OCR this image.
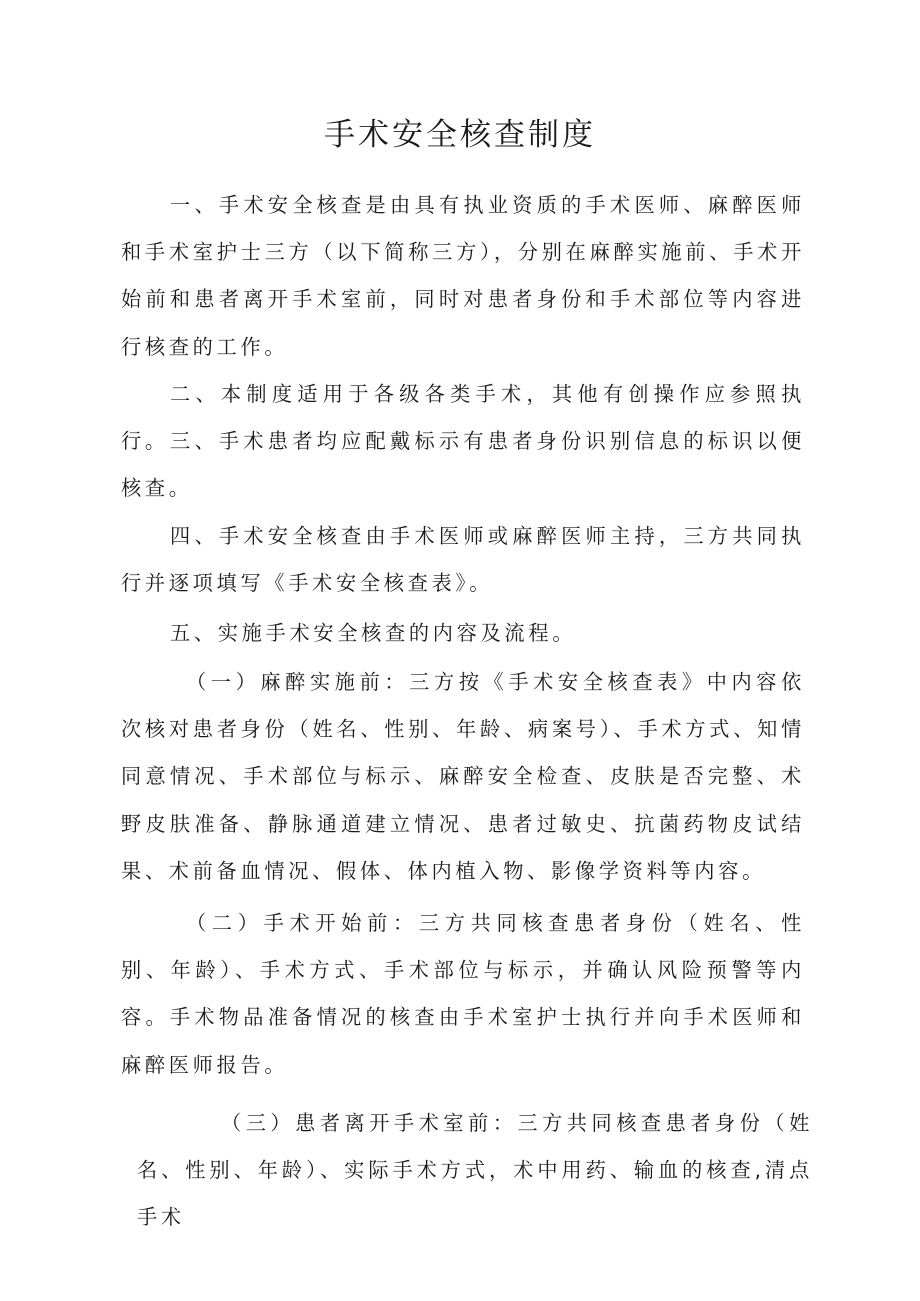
手术安全核查制度

一、手术安全核查是由具有执业资质的手术医师、麻醉医师和手术室护士三方（以下简称三方），分别在麻醉实施前、手术开始前和患者离开手术室前，同时对患者身份和手术部位等内容进行核查的工作。

二、本制度适用于各级各类手术，其他有创操作应参照执行。 三、手术患者均应配戴标示有患者身份识别信息的标识以便核查。

四、手术安全核查由手术医师或麻醉医师主持，三方共同执行并逐项填写《手术安全核查表》。

五、实施手术安全核查的内容及流程。

（一）麻醉实施前：三方按《手术安全核查表》中内容依次核对患者身份（姓名、性别、年龄、病案号）、手术方式、知情同意情况、手术部位与标示、麻醉安全检查、皮肤是否完整、术野皮肤准备、静脉通道建立情况、患者过敏史、抗菌药物皮试结果、术前备血情况、假体、体内植入物、影像学资料等内容。

（二）手术开始前：三方共同核查患者身份（姓名、性别、年龄）、手术方式、手术部位与标示，并确认风险预警等内容。手术物品准备情况的核查由手术室护士执行并向手术医师和麻醉医师报告。

（三）患者离开手术室前：三方共同核查患者身份（姓名、性别、年龄）、实际手术方式，术中用药、输血的核查,清点手术
